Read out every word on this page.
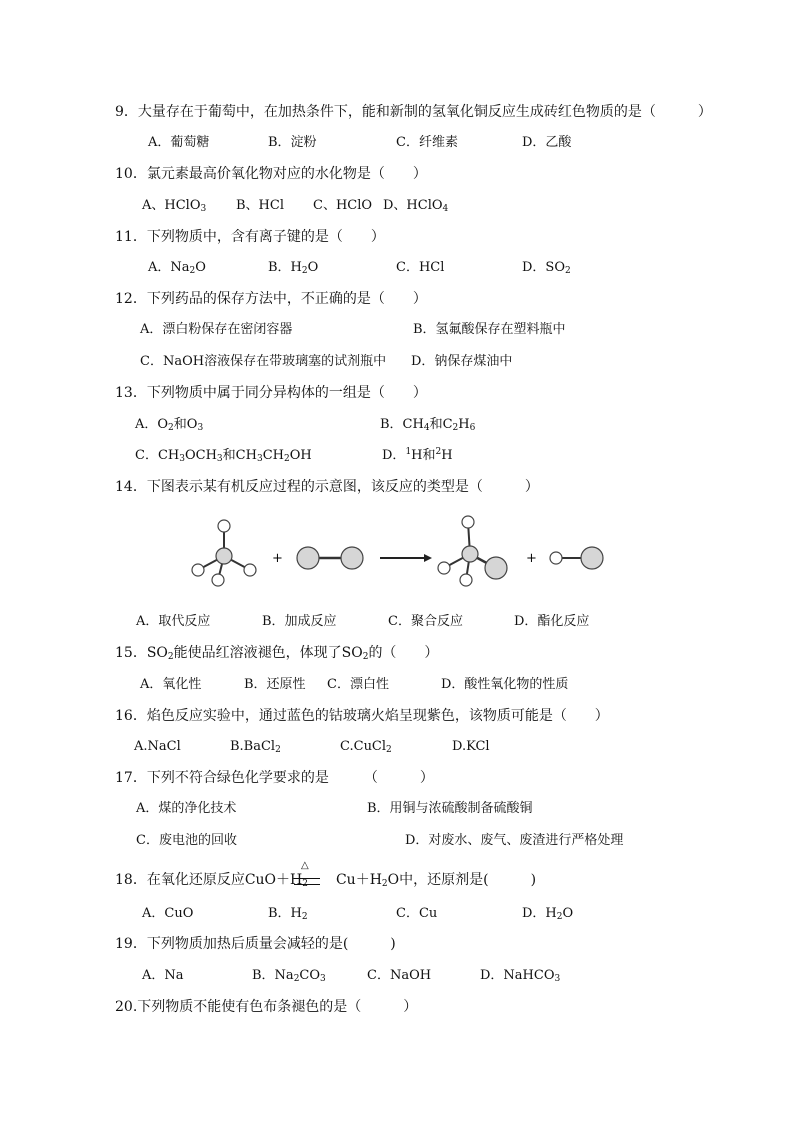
9．大量存在于葡萄中，在加热条件下，能和新制的氢氧化铜反应生成砖红色物质的是（　　　）
A．葡萄糖	B．淀粉	C．纤维素	D．乙酸
10．氯元素最高价氧化物对应的水化物是（　　）
A、HClO$_3$ B、HCl C、HClO D、HClO$_4$
11．下列物质中，含有离子键的是（　　）
A．$Na_2O$	B．$H_2O$	C．HCl	D．$SO_2$
12．下列药品的保存方法中，不正确的是（　　）
A．漂白粉保存在密闭容器	B．氢氟酸保存在塑料瓶中
C．NaOH溶液保存在带玻璃塞的试剂瓶中 D．钠保存煤油中
13．下列物质中属于同分异构体的一组是（　　）
A．$O_2$和$O_3$	B．$CH_4$和$C_2H_6$
C．$CH_3OCH_3$和$CH_3CH_2OH$	D．$^1$H和$^2$H
14．下图表示某有机反应过程的示意图，该反应的类型是（　　　）
+	+
A．取代反应	B．加成反应	C．聚合反应	D．酯化反应
15．$SO_2$能使品红溶液褪色，体现了$SO_2$的（　　）
A．氧化性	B．还原性 C．漂白性	D．酸性氧化物的性质
16．焰色反应实验中，通过蓝色的钴玻璃火焰呈现紫色，该物质可能是（　　）
A.NaCl	B.BaCl$_2$	C.CuCl$_2$	D.KCl
17．下列不符合绿色化学要求的是　　　（　　　）
A．煤的净化技术	B．用铜与浓硫酸制备硫酸铜
C．废电池的回收	D．对废水、废气、废渣进行严格处理
18．在氧化还原反应$CuO+H_2$ $Cu+H_2O$中，还原剂是(　　　)
△
A．CuO	B．$H_2$	C．Cu	D．$H_2O$
19．下列物质加热后质量会减轻的是(　　　)
A．Na	B．$Na_2CO_3$	C．NaOH	D．NaHCO$_3$
20.下列物质不能使有色布条褪色的是（　　　）
